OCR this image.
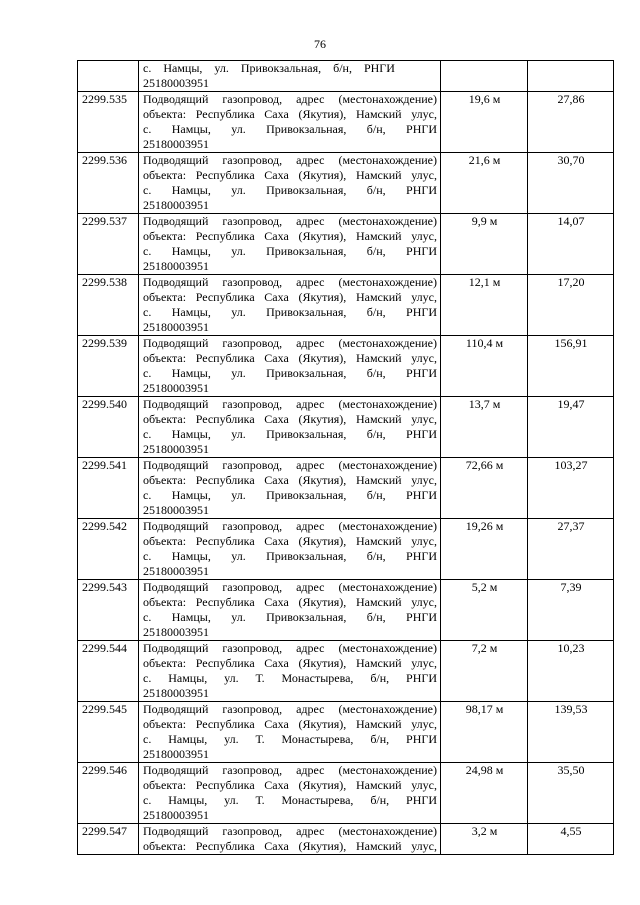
76

	с.    Намцы,    ул.    Привокзальная,    б/н,    РНГИ
25180003951		

2299.535	Подводящий газопровод, адрес (местонахождение)
объекта: Республика Саха (Якутия), Намский улус,
с. Намцы, ул. Привокзальная, б/н, РНГИ
25180003951	19,6 м	27,86
2299.536	Подводящий газопровод, адрес (местонахождение)
объекта: Республика Саха (Якутия), Намский улус,
с. Намцы, ул. Привокзальная, б/н, РНГИ
25180003951	21,6 м	30,70
2299.537	Подводящий газопровод, адрес (местонахождение)
объекта: Республика Саха (Якутия), Намский улус,
с. Намцы, ул. Привокзальная, б/н, РНГИ
25180003951	9,9 м	14,07
2299.538	Подводящий газопровод, адрес (местонахождение)
объекта: Республика Саха (Якутия), Намский улус,
с. Намцы, ул. Привокзальная, б/н, РНГИ
25180003951	12,1 м	17,20
2299.539	Подводящий газопровод, адрес (местонахождение)
объекта: Республика Саха (Якутия), Намский улус,
с. Намцы, ул. Привокзальная, б/н, РНГИ
25180003951	110,4 м	156,91
2299.540	Подводящий газопровод, адрес (местонахождение)
объекта: Республика Саха (Якутия), Намский улус,
с. Намцы, ул. Привокзальная, б/н, РНГИ
25180003951	13,7 м	19,47
2299.541	Подводящий газопровод, адрес (местонахождение)
объекта: Республика Саха (Якутия), Намский улус,
с. Намцы, ул. Привокзальная, б/н, РНГИ
25180003951	72,66 м	103,27
2299.542	Подводящий газопровод, адрес (местонахождение)
объекта: Республика Саха (Якутия), Намский улус,
с. Намцы, ул. Привокзальная, б/н, РНГИ
25180003951	19,26 м	27,37
2299.543	Подводящий газопровод, адрес (местонахождение)
объекта: Республика Саха (Якутия), Намский улус,
с. Намцы, ул. Привокзальная, б/н, РНГИ
25180003951	5,2 м	7,39
2299.544	Подводящий газопровод, адрес (местонахождение)
объекта: Республика Саха (Якутия), Намский улус,
с. Намцы, ул. Т. Монастырева, б/н, РНГИ
25180003951	7,2 м	10,23
2299.545	Подводящий газопровод, адрес (местонахождение)
объекта: Республика Саха (Якутия), Намский улус,
с. Намцы, ул. Т. Монастырева, б/н, РНГИ
25180003951	98,17 м	139,53
2299.546	Подводящий газопровод, адрес (местонахождение)
объекта: Республика Саха (Якутия), Намский улус,
с. Намцы, ул. Т. Монастырева, б/н, РНГИ
25180003951	24,98 м	35,50
2299.547	Подводящий газопровод, адрес (местонахождение)
объекта: Республика Саха (Якутия), Намский улус,	3,2 м	4,55
